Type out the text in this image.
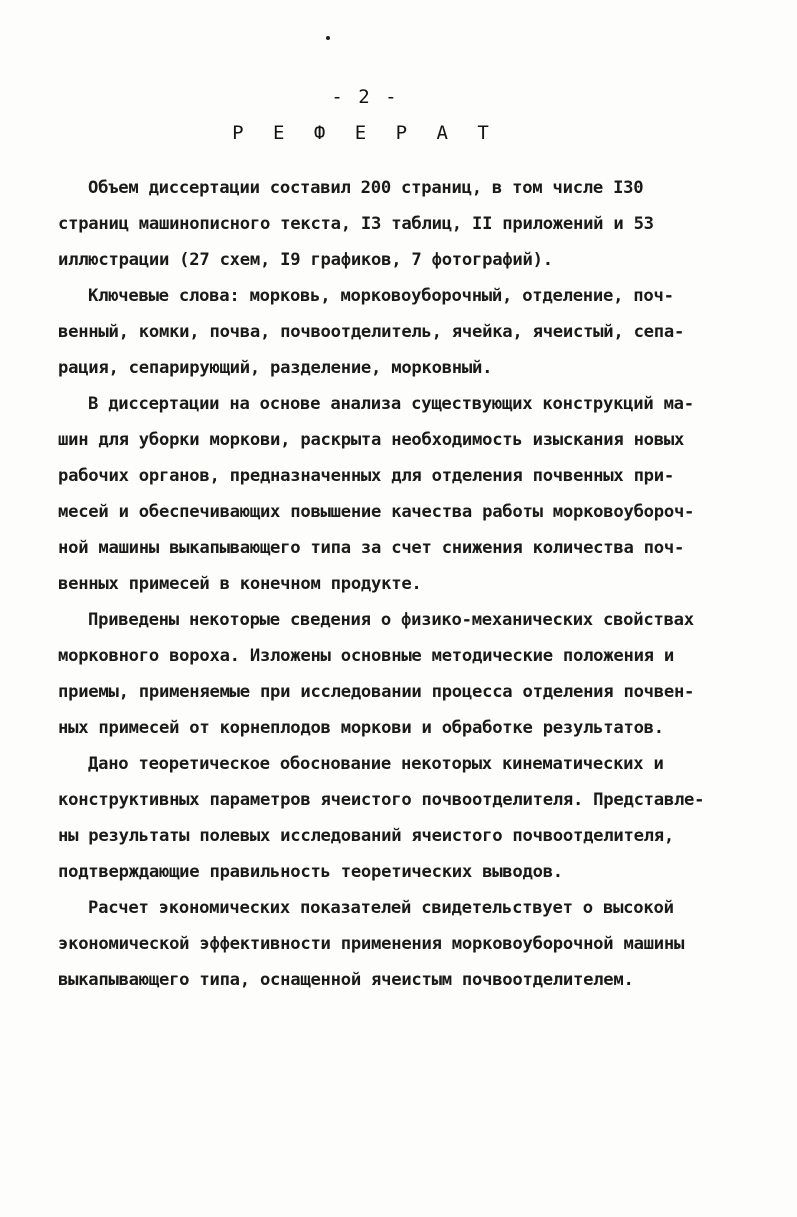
- 2 -
Р Е Ф Е Р А Т
Объем диссертации составил 200 страниц, в том числе I30
страниц машинописного текста, I3 таблиц, II приложений и 53
иллюстрации (27 схем, I9 графиков, 7 фотографий).
Ключевые слова: морковь, морковоуборочный, отделение, поч-
венный, комки, почва, почвоотделитель, ячейка, ячеистый, сепа-
рация, сепарирующий, разделение, морковный.
В диссертации на основе анализа существующих конструкций ма-
шин для уборки моркови, раскрыта необходимость изыскания новых
рабочих органов, предназначенных для отделения почвенных при-
месей и обеспечивающих повышение качества работы морковоубороч-
ной машины выкапывающего типа за счет снижения количества поч-
венных примесей в конечном продукте.
Приведены некоторые сведения о физико-механических свойствах
морковного вороха. Изложены основные методические положения и
приемы, применяемые при исследовании процесса отделения почвен-
ных примесей от корнеплодов моркови и обработке результатов.
Дано теоретическое обоснование некоторых кинематических и
конструктивных параметров ячеистого почвоотделителя. Представле-
ны результаты полевых исследований ячеистого почвоотделителя,
подтверждающие правильность теоретических выводов.
Расчет экономических показателей свидетельствует о высокой
экономической эффективности применения морковоуборочной машины
выкапывающего типа, оснащенной ячеистым почвоотделителем.
